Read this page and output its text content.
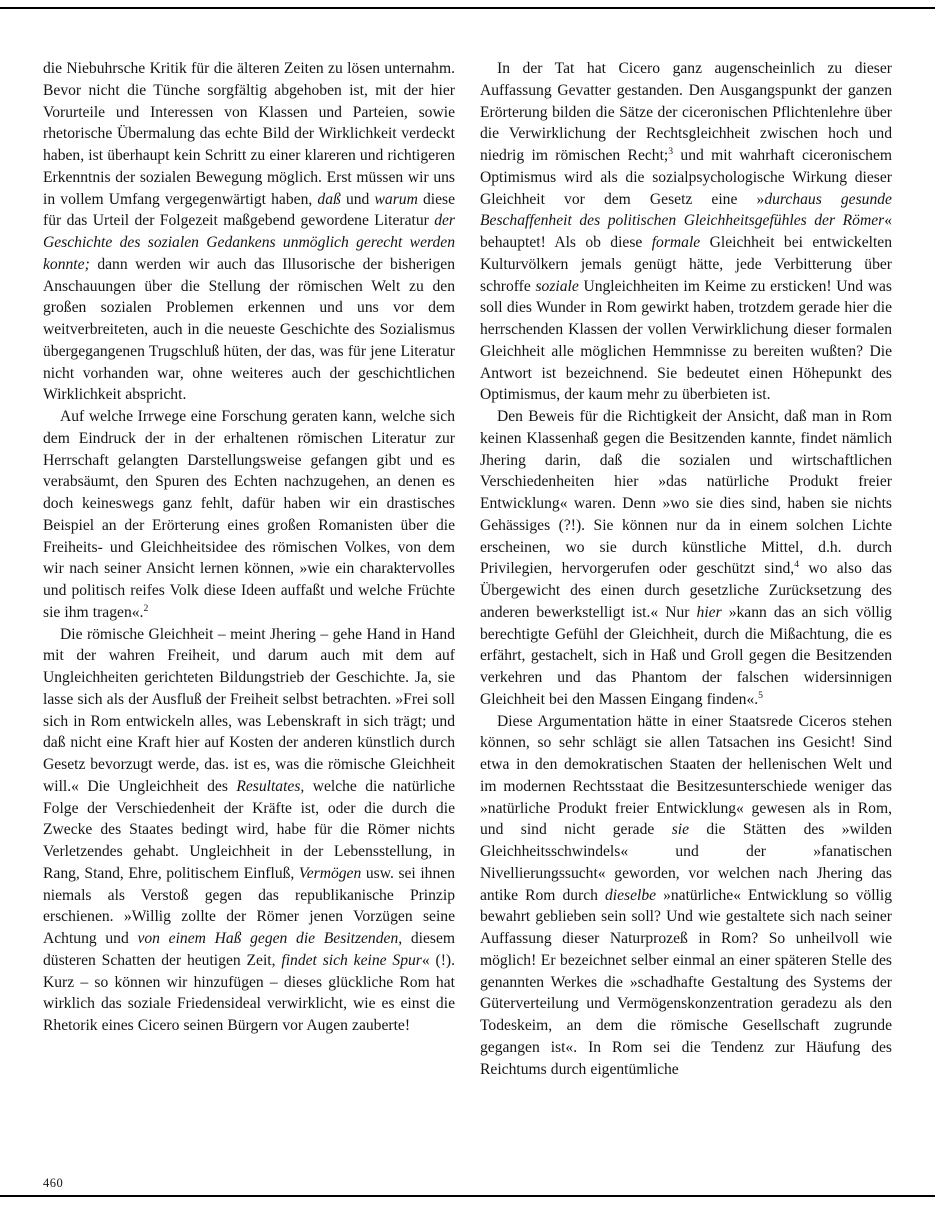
die Niebuhrsche Kritik für die älteren Zeiten zu lösen unternahm. Bevor nicht die Tünche sorgfältig abgehoben ist, mit der hier Vorurteile und Interessen von Klassen und Parteien, sowie rhetorische Übermalung das echte Bild der Wirklichkeit verdeckt haben, ist überhaupt kein Schritt zu einer klareren und richtigeren Erkenntnis der sozialen Bewegung möglich. Erst müssen wir uns in vollem Umfang vergegenwärtigt haben, daß und warum diese für das Urteil der Folgezeit maßgebend gewordene Literatur der Geschichte des sozialen Gedankens unmöglich gerecht werden konnte; dann werden wir auch das Illusorische der bisherigen Anschauungen über die Stellung der römischen Welt zu den großen sozialen Problemen erkennen und uns vor dem weitverbreiteten, auch in die neueste Geschichte des Sozialismus übergegangenen Trugschluß hüten, der das, was für jene Literatur nicht vorhanden war, ohne weiteres auch der geschichtlichen Wirklichkeit abspricht.

Auf welche Irrwege eine Forschung geraten kann, welche sich dem Eindruck der in der erhaltenen römischen Literatur zur Herrschaft gelangten Darstellungsweise gefangen gibt und es verabsäumt, den Spuren des Echten nachzugehen, an denen es doch keineswegs ganz fehlt, dafür haben wir ein drastisches Beispiel an der Erörterung eines großen Romanisten über die Freiheits- und Gleichheitsidee des römischen Volkes, von dem wir nach seiner Ansicht lernen können, »wie ein charaktervolles und politisch reifes Volk diese Ideen auffaßt und welche Früchte sie ihm tragen«.$^2$

Die römische Gleichheit – meint Jhering – gehe Hand in Hand mit der wahren Freiheit, und darum auch mit dem auf Ungleichheiten gerichteten Bildungstrieb der Geschichte. Ja, sie lasse sich als der Ausfluß der Freiheit selbst betrachten. »Frei soll sich in Rom entwickeln alles, was Lebenskraft in sich trägt; und daß nicht eine Kraft hier auf Kosten der anderen künstlich durch Gesetz bevorzugt werde, das. ist es, was die römische Gleichheit will.« Die Ungleichheit des Resultates, welche die natürliche Folge der Verschiedenheit der Kräfte ist, oder die durch die Zwecke des Staates bedingt wird, habe für die Römer nichts Verletzendes gehabt. Ungleichheit in der Lebensstellung, in Rang, Stand, Ehre, politischem Einfluß, Vermögen usw. sei ihnen niemals als Verstoß gegen das republikanische Prinzip erschienen. »Willig zollte der Römer jenen Vorzügen seine Achtung und von einem Haß gegen die Besitzenden, diesem düsteren Schatten der heutigen Zeit, findet sich keine Spur« (!). Kurz – so können wir hinzufügen – dieses glückliche Rom hat wirklich das soziale Friedensideal verwirklicht, wie es einst die Rhetorik eines Cicero seinen Bürgern vor Augen zauberte!

In der Tat hat Cicero ganz augenscheinlich zu dieser Auffassung Gevatter gestanden. Den Ausgangspunkt der ganzen Erörterung bilden die Sätze der ciceronischen Pflichtenlehre über die Verwirklichung der Rechtsgleichheit zwischen hoch und niedrig im römischen Recht;$^3$ und mit wahrhaft ciceronischem Optimismus wird als die sozialpsychologische Wirkung dieser Gleichheit vor dem Gesetz eine »durchaus gesunde Beschaffenheit des politischen Gleichheitsgefühles der Römer« behauptet! Als ob diese formale Gleichheit bei entwickelten Kulturvölkern jemals genügt hätte, jede Verbitterung über schroffe soziale Ungleichheiten im Keime zu ersticken! Und was soll dies Wunder in Rom gewirkt haben, trotzdem gerade hier die herrschenden Klassen der vollen Verwirklichung dieser formalen Gleichheit alle möglichen Hemmnisse zu bereiten wußten? Die Antwort ist bezeichnend. Sie bedeutet einen Höhepunkt des Optimismus, der kaum mehr zu überbieten ist.

Den Beweis für die Richtigkeit der Ansicht, daß man in Rom keinen Klassenhaß gegen die Besitzenden kannte, findet nämlich Jhering darin, daß die sozialen und wirtschaftlichen Verschiedenheiten hier »das natürliche Produkt freier Entwicklung« waren. Denn »wo sie dies sind, haben sie nichts Gehässiges (?!). Sie können nur da in einem solchen Lichte erscheinen, wo sie durch künstliche Mittel, d.h. durch Privilegien, hervorgerufen oder geschützt sind,$^4$ wo also das Übergewicht des einen durch gesetzliche Zurücksetzung des anderen bewerkstelligt ist.« Nur hier »kann das an sich völlig berechtigte Gefühl der Gleichheit, durch die Mißachtung, die es erfährt, gestachelt, sich in Haß und Groll gegen die Besitzenden verkehren und das Phantom der falschen widersinnigen Gleichheit bei den Massen Eingang finden«.$^5$

Diese Argumentation hätte in einer Staatsrede Ciceros stehen können, so sehr schlägt sie allen Tatsachen ins Gesicht! Sind etwa in den demokratischen Staaten der hellenischen Welt und im modernen Rechtsstaat die Besitzesunterschiede weniger das »natürliche Produkt freier Entwicklung« gewesen als in Rom, und sind nicht gerade sie die Stätten des »wilden Gleichheitsschwindels« und der »fanatischen Nivellierungssucht« geworden, vor welchen nach Jhering das antike Rom durch dieselbe »natürliche« Entwicklung so völlig bewahrt geblieben sein soll? Und wie gestaltete sich nach seiner Auffassung dieser Naturprozeß in Rom? So unheilvoll wie möglich! Er bezeichnet selber einmal an einer späteren Stelle des genannten Werkes die »schadhafte Gestaltung des Systems der Güterverteilung und Vermögenskonzentration geradezu als den Todeskeim, an dem die römische Gesellschaft zugrunde gegangen ist«. In Rom sei die Tendenz zur Häufung des Reichtums durch eigentümliche

460
